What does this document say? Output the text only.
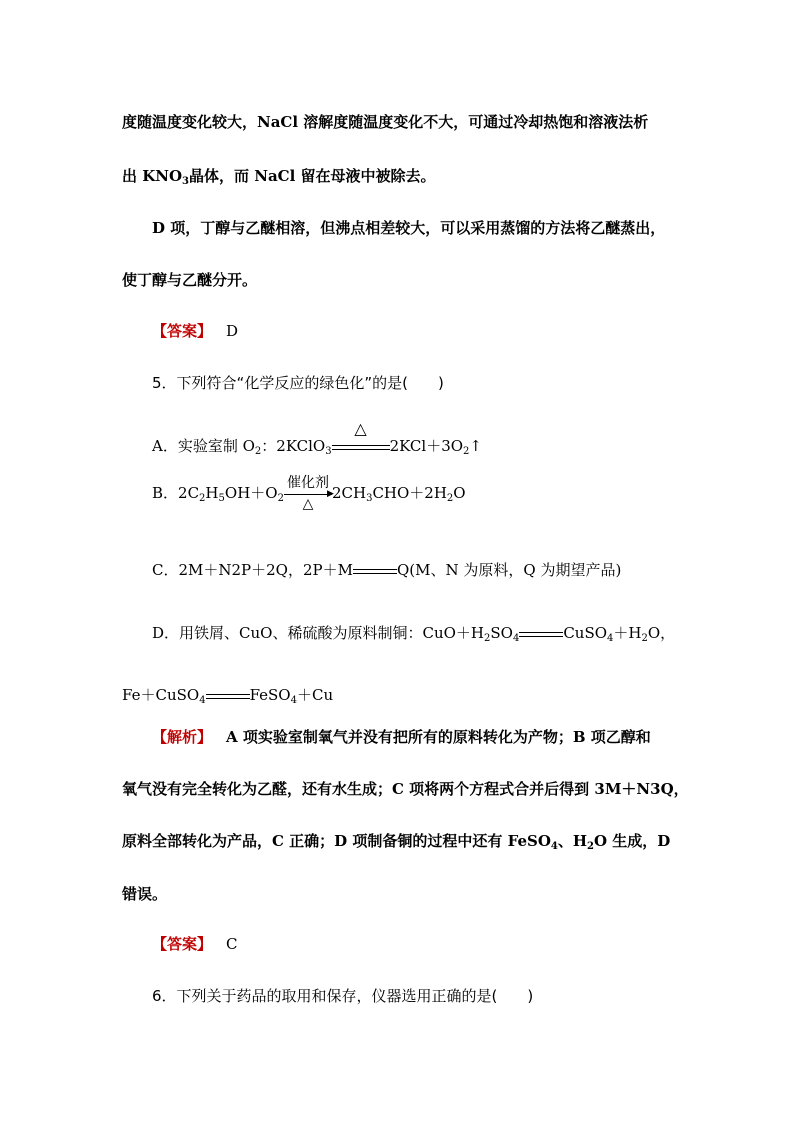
度随温度变化较大，NaCl 溶解度随温度变化不大，可通过冷却热饱和溶液法析
出 $KNO_3$晶体，而 NaCl 留在母液中被除去。
D 项，丁醇与乙醚相溶，但沸点相差较大，可以采用蒸馏的方法将乙醚蒸出，
使丁醇与乙醚分开。
【答案】 D
5．下列符合“化学反应的绿色化”的是(　　)
A．实验室制 $O_2$：2KClO$_3$
△
$2KCl+3O_2↑$
B．$2C_2H_5OH+O_2$
催化剂
▶
△
$2CH_3CHO+2H_2O$
C．2M＋N2P＋2Q，2P＋M	Q(M、N 为原料，Q 为期望产品)
D．用铁屑、CuO、稀硫酸为原料制铜：$CuO+H_2SO_4$	$CuSO_4+H_2O$，
Fe＋CuSO$_4$	FeSO$_4$＋Cu
【解析】 A 项实验室制氧气并没有把所有的原料转化为产物；B 项乙醇和
氧气没有完全转化为乙醛，还有水生成；C 项将两个方程式合并后得到 3M＋N3Q，
原料全部转化为产品，C 正确；D 项制备铜的过程中还有 FeSO$_4$、$H_2O$ 生成，D
错误。
【答案】 C
6．下列关于药品的取用和保存，仪器选用正确的是(　　)
